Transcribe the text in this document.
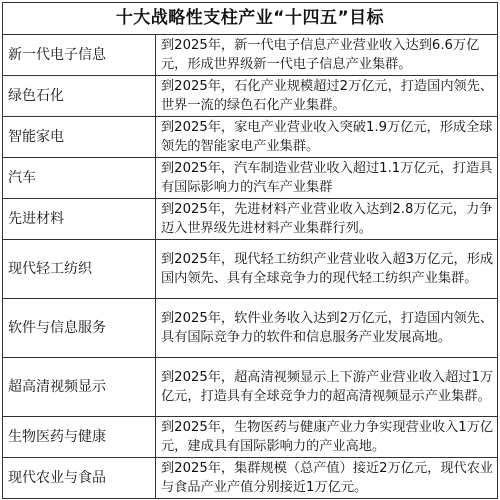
十大战略性支柱产业“十四五”目标
新一代电子信息	到2025年，新一代电子信息产业营业收入达到6.6万亿元，形成世界级新一代电子信息产业集群。
绿色石化	到2025年，石化产业规模超过2万亿元，打造国内领先、世界一流的绿色石化产业集群。
智能家电	到2025年，家电产业营业收入突破1.9万亿元，形成全球领先的智能家电产业集群。
汽车	到2025年，汽车制造业营业收入超过1.1万亿元，打造具有国际影响力的汽车产业集群
先进材料	到2025年，先进材料产业营业收入达到2.8万亿元，力争迈入世界级先进材料产业集群行列。
现代轻工纺织	到2025年，现代轻工纺织产业营业收入超3万亿元，形成国内领先、具有全球竞争力的现代轻工纺织产业集群。
软件与信息服务	到2025年，软件业务收入达到2万亿元，打造国内领先、具有国际竞争力的软件和信息服务产业发展高地。
超高清视频显示	到2025年，超高清视频显示上下游产业营业收入超过1万亿元，打造具有全球竞争力的超高清视频显示产业集群。
生物医药与健康	到2025年，生物医药与健康产业力争实现营业收入1万亿元，建成具有国际影响力的产业高地。
现代农业与食品	到2025年，集群规模（总产值）接近2万亿元，现代农业与食品产业产值分别接近1万亿元。
